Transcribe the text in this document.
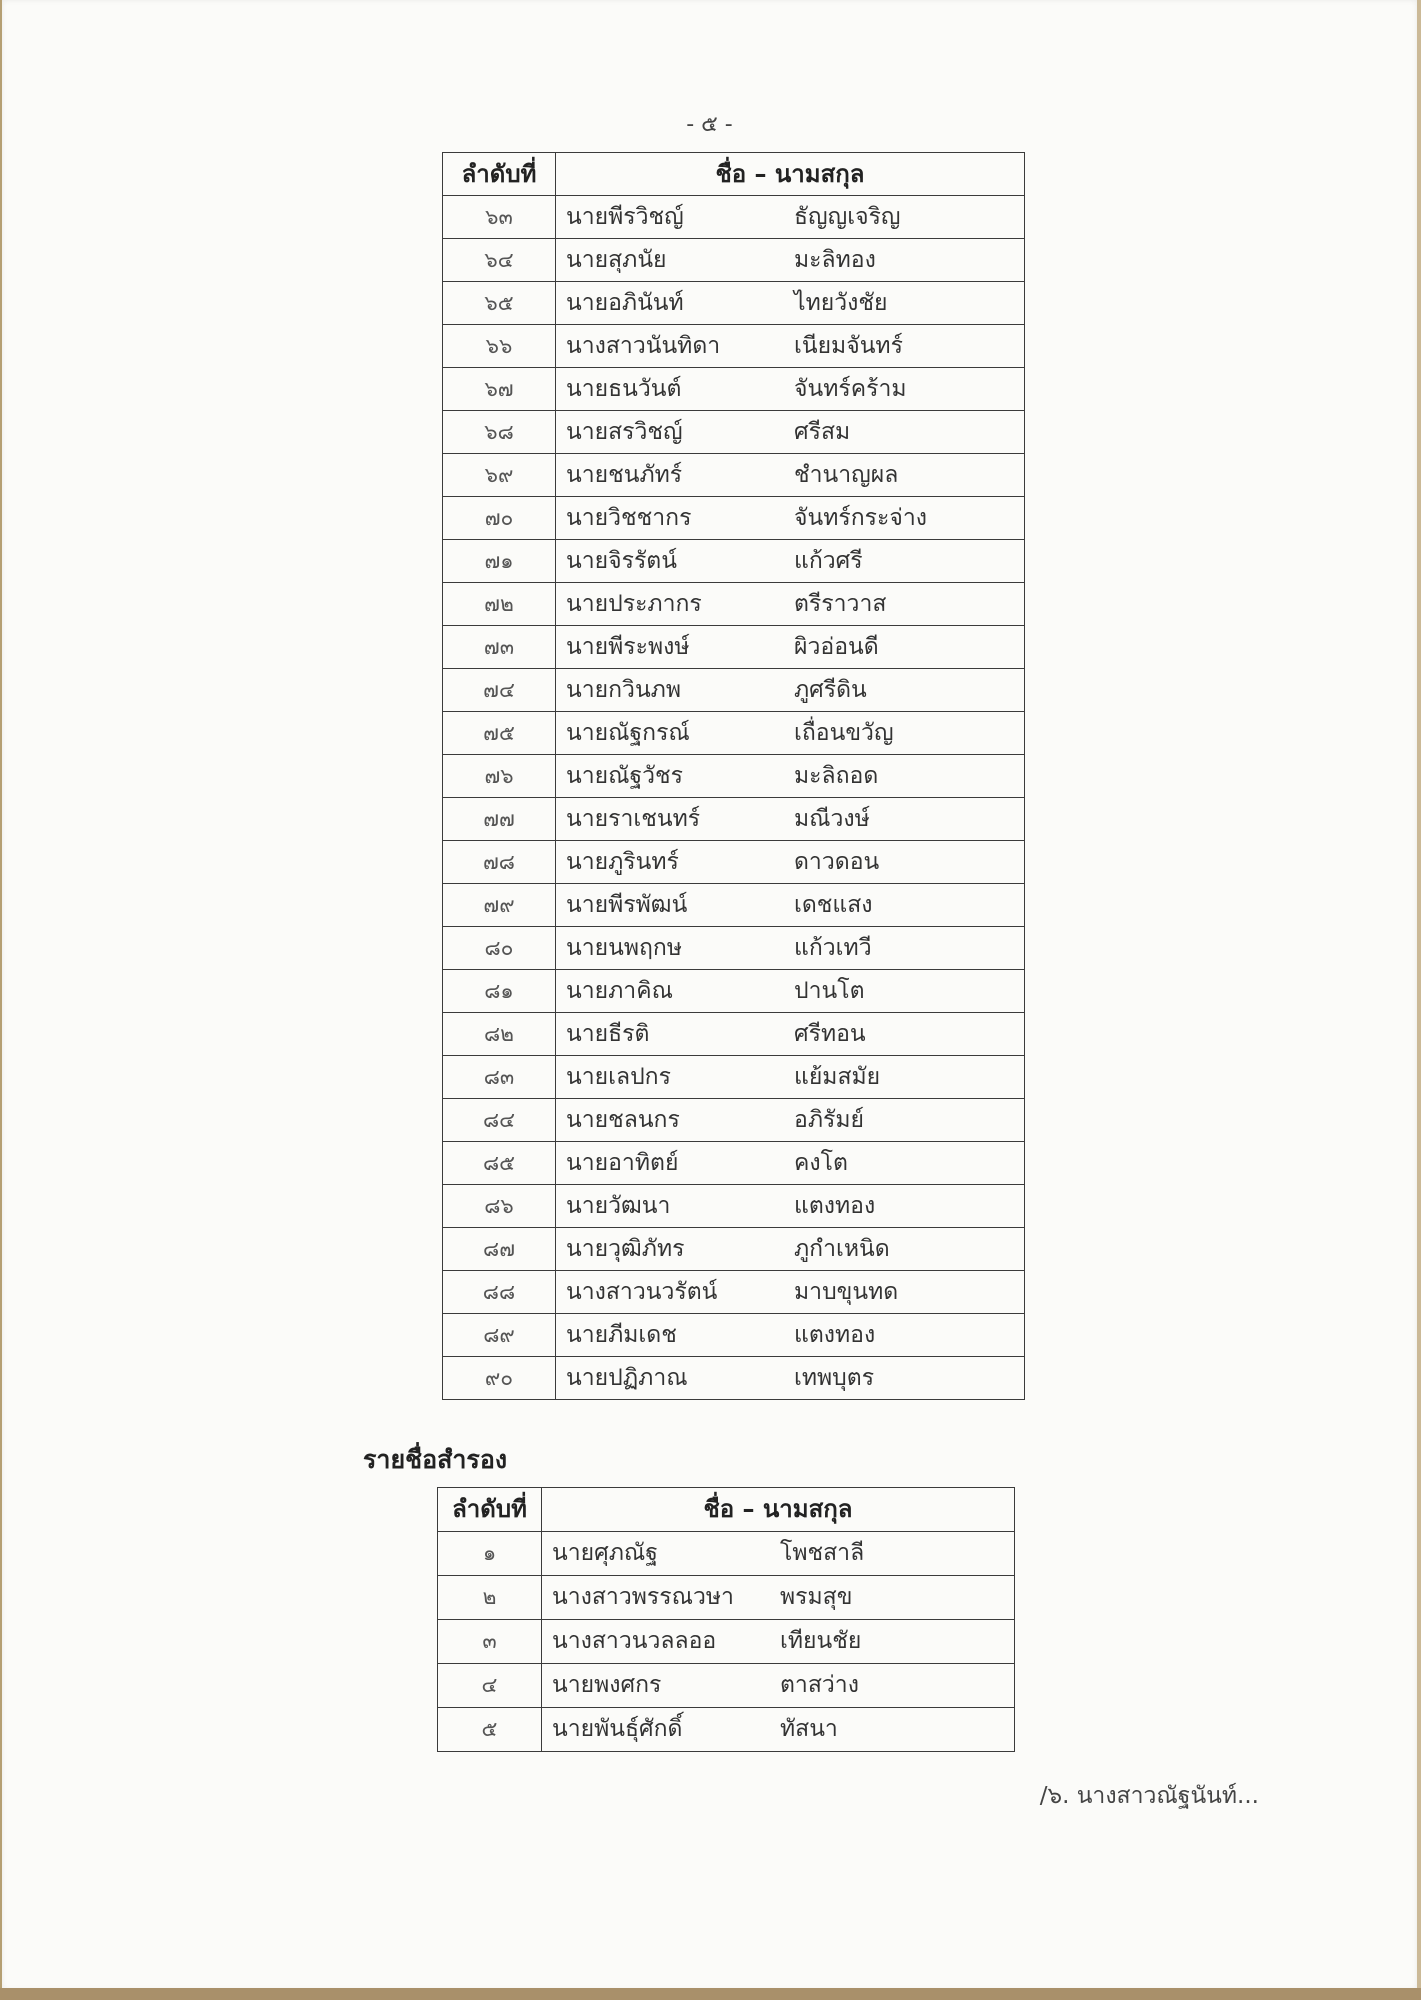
- ๕ -
ลำดับที่	ชื่อ – นามสกุล
๖๓	นายพีรวิชญ์ ธัญญเจริญ
๖๔	นายสุภนัย มะลิทอง
๖๕	นายอภินันท์ ไทยวังชัย
๖๖	นางสาวนันทิดา เนียมจันทร์
๖๗	นายธนวันต์ จันทร์คร้าม
๖๘	นายสรวิชญ์ ศรีสม
๖๙	นายชนภัทร์ ชำนาญผล
๗๐	นายวิชชากร จันทร์กระจ่าง
๗๑	นายจิรรัตน์ แก้วศรี
๗๒	นายประภากร ตรีราวาส
๗๓	นายพีระพงษ์ ผิวอ่อนดี
๗๔	นายกวินภพ ภูศรีดิน
๗๕	นายณัฐกรณ์ เถื่อนขวัญ
๗๖	นายณัฐวัชร มะลิถอด
๗๗	นายราเชนทร์ มณีวงษ์
๗๘	นายภูรินทร์ ดาวดอน
๗๙	นายพีรพัฒน์ เดชแสง
๘๐	นายนพฤกษ แก้วเทวี
๘๑	นายภาคิณ ปานโต
๘๒	นายธีรติ ศรีทอน
๘๓	นายเลปกร แย้มสมัย
๘๔	นายชลนกร อภิรัมย์
๘๕	นายอาทิตย์ คงโต
๘๖	นายวัฒนา แตงทอง
๘๗	นายวุฒิภัทร ภูกำเหนิด
๘๘	นางสาวนวรัตน์ มาบขุนทด
๘๙	นายภีมเดช แตงทอง
๙๐	นายปฏิภาณ เทพบุตร
รายชื่อสำรอง
ลำดับที่	ชื่อ – นามสกุล
๑	นายศุภณัฐ โพชสาลี
๒	นางสาวพรรณวษา พรมสุข
๓	นางสาวนวลลออ เทียนชัย
๔	นายพงศกร ตาสว่าง
๕	นายพันธุ์ศักดิ์ ทัสนา
/๖. นางสาวณัฐนันท์...
